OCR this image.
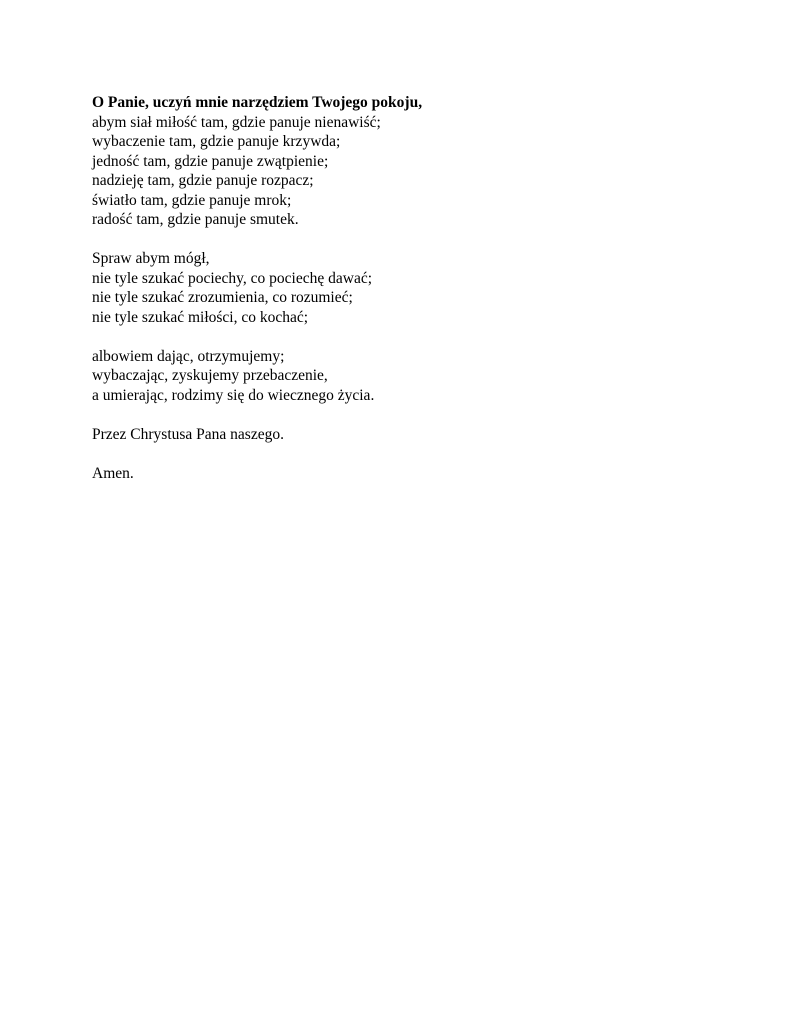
O Panie, uczyń mnie narzędziem Twojego pokoju,
abym siał miłość tam, gdzie panuje nienawiść;
wybaczenie tam, gdzie panuje krzywda;
jedność tam, gdzie panuje zwątpienie;
nadzieję tam, gdzie panuje rozpacz;
światło tam, gdzie panuje mrok;
radość tam, gdzie panuje smutek.
Spraw abym mógł,
nie tyle szukać pociechy, co pociechę dawać;
nie tyle szukać zrozumienia, co rozumieć;
nie tyle szukać miłości, co kochać;
albowiem dając, otrzymujemy;
wybaczając, zyskujemy przebaczenie,
a umierając, rodzimy się do wiecznego życia.
Przez Chrystusa Pana naszego.
Amen.
